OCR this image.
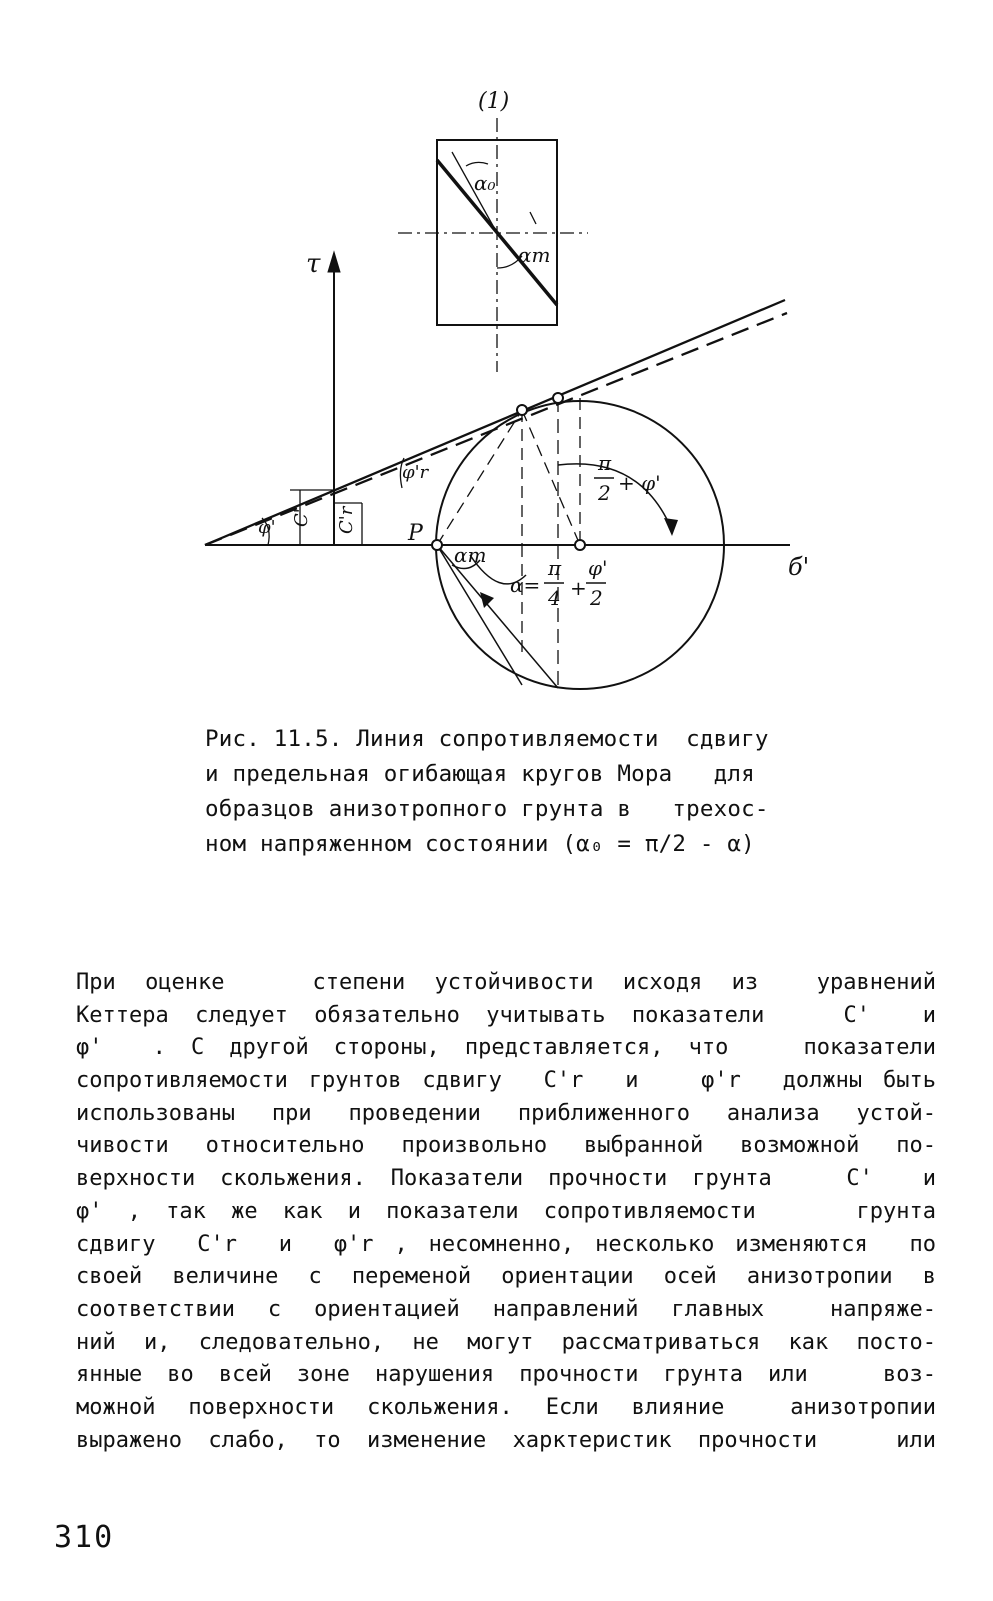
(1)
α₀
αm
τ
б'
φ' C' C'r
φ'r
P
αm
π
2 + φ'
α=
π
4 +
φ'
2
Рис. 11.5. Линия сопротивляемости  сдвигу
и предельная огибающая кругов Мора   для
образцов анизотропного грунта в   трехос-
ном напряженном состоянии (α₀ = π/2 - α)
При оценке   степени устойчивости исходя из  уравнений
Кеттера следует обязательно учитывать показатели   C'  и
φ'  . С другой стороны, представляется, что   показатели
сопротивляемости грунтов сдвигу  C'r  и   φ'r  должны быть
использованы при проведении приближенного анализа устой-
чивости относительно произвольно выбранной возможной по-
верхности скольжения. Показатели прочности грунта   C'  и
φ' , так же как и показатели сопротивляемости    грунта
сдвигу  C'r  и  φ'r , несомненно, несколько изменяются  по
своей величине с переменой ориентации осей анизотропии в
соответствии с ориентацией направлений главных  напряже-
ний и, следовательно, не могут рассматриваться как посто-
янные во всей зоне нарушения прочности грунта или   воз-
можной поверхности скольжения. Если влияние  анизотропии
выражено слабо, то изменение харктеристик прочности   или
310
